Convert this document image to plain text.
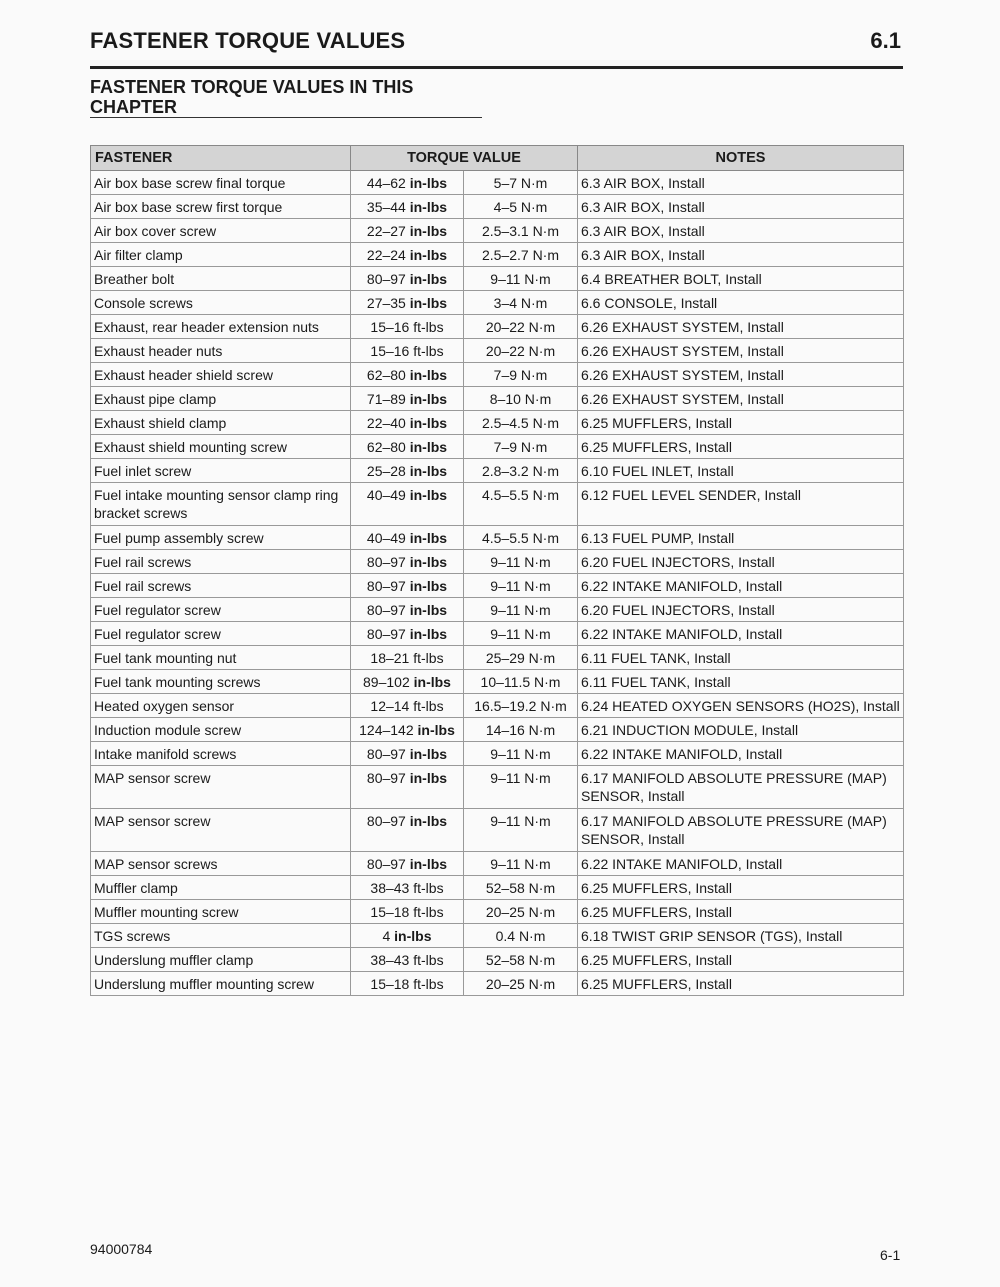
FASTENER TORQUE VALUES	6.1
FASTENER TORQUE VALUES IN THIS
CHAPTER
FASTENER	TORQUE VALUE		NOTES
Air box base screw final torque	44–62 in-lbs	5–7 N·m	6.3 AIR BOX, Install
Air box base screw first torque	35–44 in-lbs	4–5 N·m	6.3 AIR BOX, Install
Air box cover screw	22–27 in-lbs	2.5–3.1 N·m	6.3 AIR BOX, Install
Air filter clamp	22–24 in-lbs	2.5–2.7 N·m	6.3 AIR BOX, Install
Breather bolt	80–97 in-lbs	9–11 N·m	6.4 BREATHER BOLT, Install
Console screws	27–35 in-lbs	3–4 N·m	6.6 CONSOLE, Install
Exhaust, rear header extension nuts	15–16 ft-lbs	20–22 N·m	6.26 EXHAUST SYSTEM, Install
Exhaust header nuts	15–16 ft-lbs	20–22 N·m	6.26 EXHAUST SYSTEM, Install
Exhaust header shield screw	62–80 in-lbs	7–9 N·m	6.26 EXHAUST SYSTEM, Install
Exhaust pipe clamp	71–89 in-lbs	8–10 N·m	6.26 EXHAUST SYSTEM, Install
Exhaust shield clamp	22–40 in-lbs	2.5–4.5 N·m	6.25 MUFFLERS, Install
Exhaust shield mounting screw	62–80 in-lbs	7–9 N·m	6.25 MUFFLERS, Install
Fuel inlet screw	25–28 in-lbs	2.8–3.2 N·m	6.10 FUEL INLET, Install
Fuel intake mounting sensor clamp ring bracket screws	40–49 in-lbs	4.5–5.5 N·m	6.12 FUEL LEVEL SENDER, Install
Fuel pump assembly screw	40–49 in-lbs	4.5–5.5 N·m	6.13 FUEL PUMP, Install
Fuel rail screws	80–97 in-lbs	9–11 N·m	6.20 FUEL INJECTORS, Install
Fuel rail screws	80–97 in-lbs	9–11 N·m	6.22 INTAKE MANIFOLD, Install
Fuel regulator screw	80–97 in-lbs	9–11 N·m	6.20 FUEL INJECTORS, Install
Fuel regulator screw	80–97 in-lbs	9–11 N·m	6.22 INTAKE MANIFOLD, Install
Fuel tank mounting nut	18–21 ft-lbs	25–29 N·m	6.11 FUEL TANK, Install
Fuel tank mounting screws	89–102 in-lbs	10–11.5 N·m	6.11 FUEL TANK, Install
Heated oxygen sensor	12–14 ft-lbs	16.5–19.2 N·m	6.24 HEATED OXYGEN SENSORS (HO2S), Install
Induction module screw	124–142 in-lbs	14–16 N·m	6.21 INDUCTION MODULE, Install
Intake manifold screws	80–97 in-lbs	9–11 N·m	6.22 INTAKE MANIFOLD, Install
MAP sensor screw	80–97 in-lbs	9–11 N·m	6.17 MANIFOLD ABSOLUTE PRESSURE (MAP) SENSOR, Install
MAP sensor screw	80–97 in-lbs	9–11 N·m	6.17 MANIFOLD ABSOLUTE PRESSURE (MAP) SENSOR, Install
MAP sensor screws	80–97 in-lbs	9–11 N·m	6.22 INTAKE MANIFOLD, Install
Muffler clamp	38–43 ft-lbs	52–58 N·m	6.25 MUFFLERS, Install
Muffler mounting screw	15–18 ft-lbs	20–25 N·m	6.25 MUFFLERS, Install
TGS screws	4 in-lbs	0.4 N·m	6.18 TWIST GRIP SENSOR (TGS), Install
Underslung muffler clamp	38–43 ft-lbs	52–58 N·m	6.25 MUFFLERS, Install
Underslung muffler mounting screw	15–18 ft-lbs	20–25 N·m	6.25 MUFFLERS, Install
94000784	6-1
